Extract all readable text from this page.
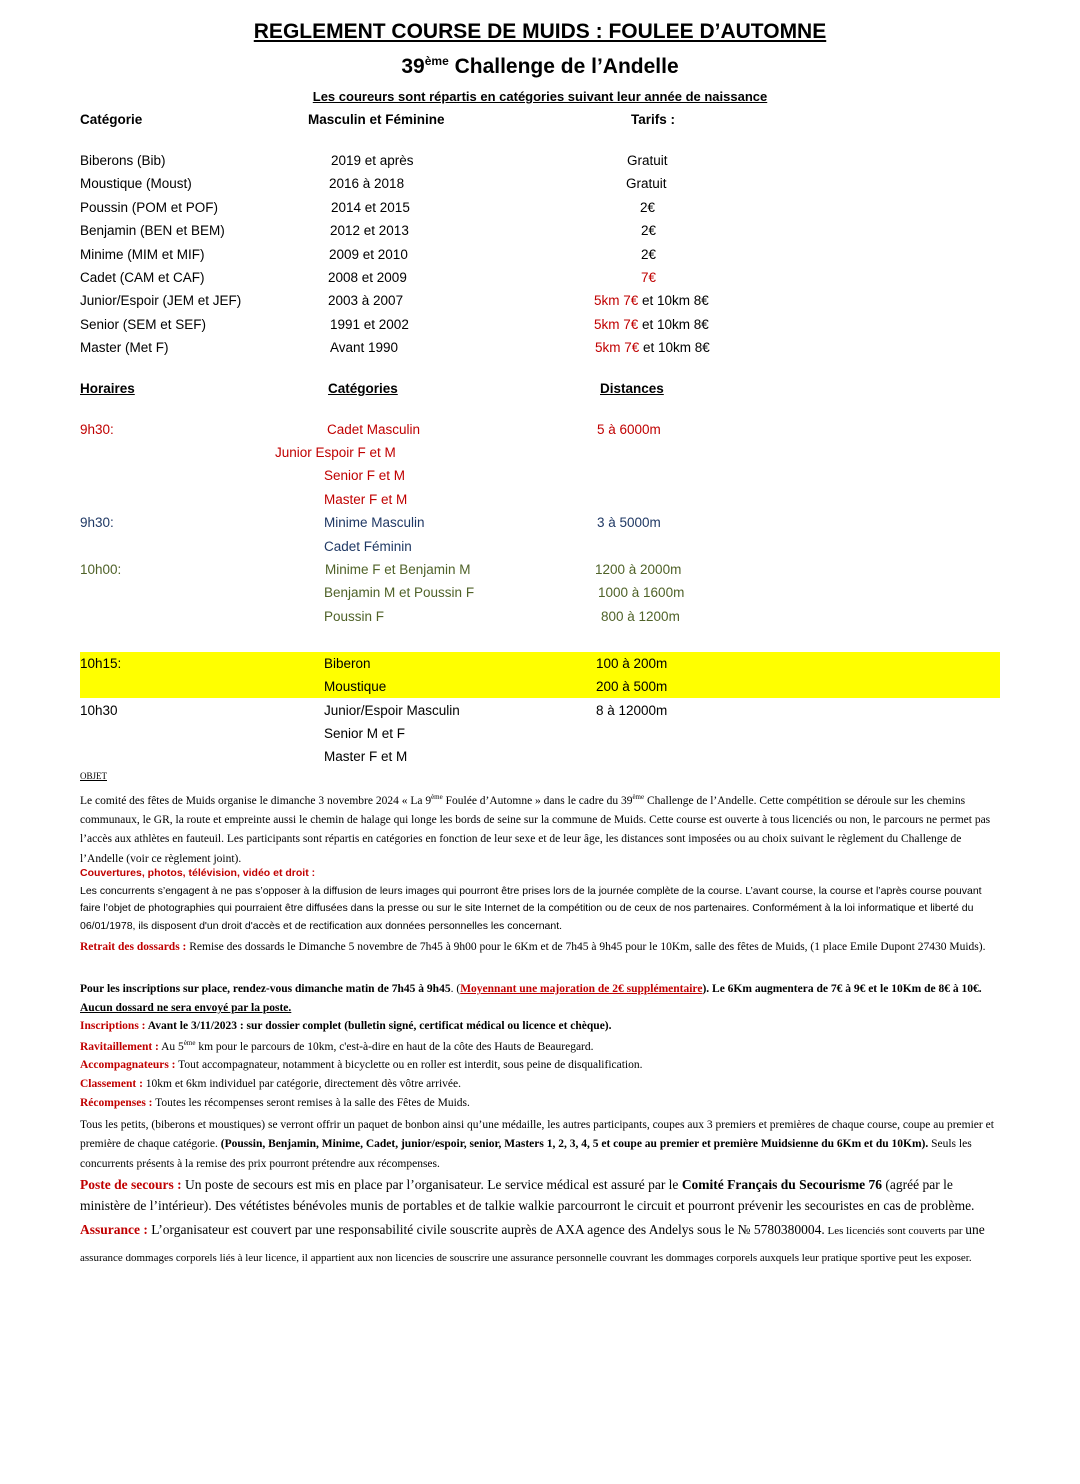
REGLEMENT COURSE DE MUIDS : FOULEE D’AUTOMNE
39ème Challenge de l’Andelle
Les coureurs sont répartis en catégories suivant leur année de naissance
Catégorie	Masculin et Féminine	Tarifs :
Biberons (Bib)	2019 et après	Gratuit
Moustique (Moust)	2016 à 2018	Gratuit
Poussin (POM et POF)	2014 et 2015	2€
Benjamin (BEN et BEM)	2012 et 2013	2€
Minime (MIM et MIF)	2009 et 2010	2€
Cadet (CAM et CAF)	2008 et 2009	7€
Junior/Espoir (JEM et JEF)	2003 à 2007	5km 7€ et 10km 8€
Senior (SEM et SEF)	1991 et 2002	5km 7€ et 10km 8€
Master (Met F)	Avant 1990	5km 7€ et 10km 8€
Horaires	Catégories	Distances
9h30:	Cadet Masculin	5 à 6000m
Junior Espoir F et M
Senior F et M
Master F et M
9h30:	Minime Masculin	3 à 5000m
Cadet Féminin
10h00:	Minime F et Benjamin M	1200 à 2000m
Benjamin M et Poussin F	1000 à 1600m
Poussin F	800 à 1200m
10h15:	Biberon	100 à 200m
Moustique	200 à 500m
10h30	Junior/Espoir Masculin	8 à 12000m
Senior M et F
Master F et M
OBJET
Le comité des fêtes de Muids organise le dimanche 3 novembre 2024 « La 9ème Foulée d’Automne » dans le cadre du 39ème Challenge de l’Andelle. Cette compétition se déroule sur les chemins communaux, le GR, la route et empreinte aussi le chemin de halage qui longe les bords de seine sur la commune de Muids. Cette course est ouverte à tous licenciés ou non, le parcours ne permet pas l’accès aux athlètes en fauteuil. Les participants sont répartis en catégories en fonction de leur sexe et de leur âge, les distances sont imposées ou au choix suivant le règlement du Challenge de l’Andelle (voir ce règlement joint).
Couvertures, photos, télévision, vidéo et droit :
Les concurrents s’engagent à ne pas s’opposer à la diffusion de leurs images qui pourront être prises lors de la journée complète de la course. L’avant course, la course et l’après course pouvant faire l’objet de photographies qui pourraient être diffusées dans la presse ou sur le site Internet de la compétition ou de ceux de nos partenaires. Conformément à la loi informatique et liberté du 06/01/1978, ils disposent d'un droit d'accès et de rectification aux données personnelles les concernant.
Retrait des dossards : Remise des dossards le Dimanche 5 novembre de 7h45 à 9h00 pour le 6Km et de 7h45 à 9h45 pour le 10Km, salle des fêtes de Muids, (1 place Emile Dupont 27430 Muids).
Pour les inscriptions sur place, rendez-vous dimanche matin de 7h45 à 9h45. (Moyennant une majoration de 2€ supplémentaire). Le 6Km augmentera de 7€ à 9€ et le 10Km de 8€ à 10€. Aucun dossard ne sera envoyé par la poste.
Inscriptions : Avant le 3/11/2023 : sur dossier complet (bulletin signé, certificat médical ou licence et chèque).
Ravitaillement : Au 5ème km pour le parcours de 10km, c'est-à-dire en haut de la côte des Hauts de Beauregard.
Accompagnateurs : Tout accompagnateur, notamment à bicyclette ou en roller est interdit, sous peine de disqualification.
Classement : 10km et 6km individuel par catégorie, directement dès vôtre arrivée.
Récompenses : Toutes les récompenses seront remises à la salle des Fêtes de Muids.
Tous les petits, (biberons et moustiques) se verront offrir un paquet de bonbon ainsi qu’une médaille, les autres participants, coupes aux 3 premiers et premières de chaque course, coupe au premier et première de chaque catégorie. (Poussin, Benjamin, Minime, Cadet, junior/espoir, senior, Masters 1, 2, 3, 4, 5 et coupe au premier et première Muidsienne du 6Km et du 10Km). Seuls les concurrents présents à la remise des prix pourront prétendre aux récompenses.
Poste de secours : Un poste de secours est mis en place par l’organisateur. Le service médical est assuré par le Comité Français du Secourisme 76 (agréé par le ministère de l’intérieur). Des vététistes bénévoles munis de portables et de talkie walkie parcourront le circuit et pourront prévenir les secouristes en cas de problème.
Assurance : L’organisateur est couvert par une responsabilité civile souscrite auprès de AXA agence des Andelys sous le № 5780380004. Les licenciés sont couverts par une assurance dommages corporels liés à leur licence, il appartient aux non licencies de souscrire une assurance personnelle couvrant les dommages corporels auxquels leur pratique sportive peut les exposer.
